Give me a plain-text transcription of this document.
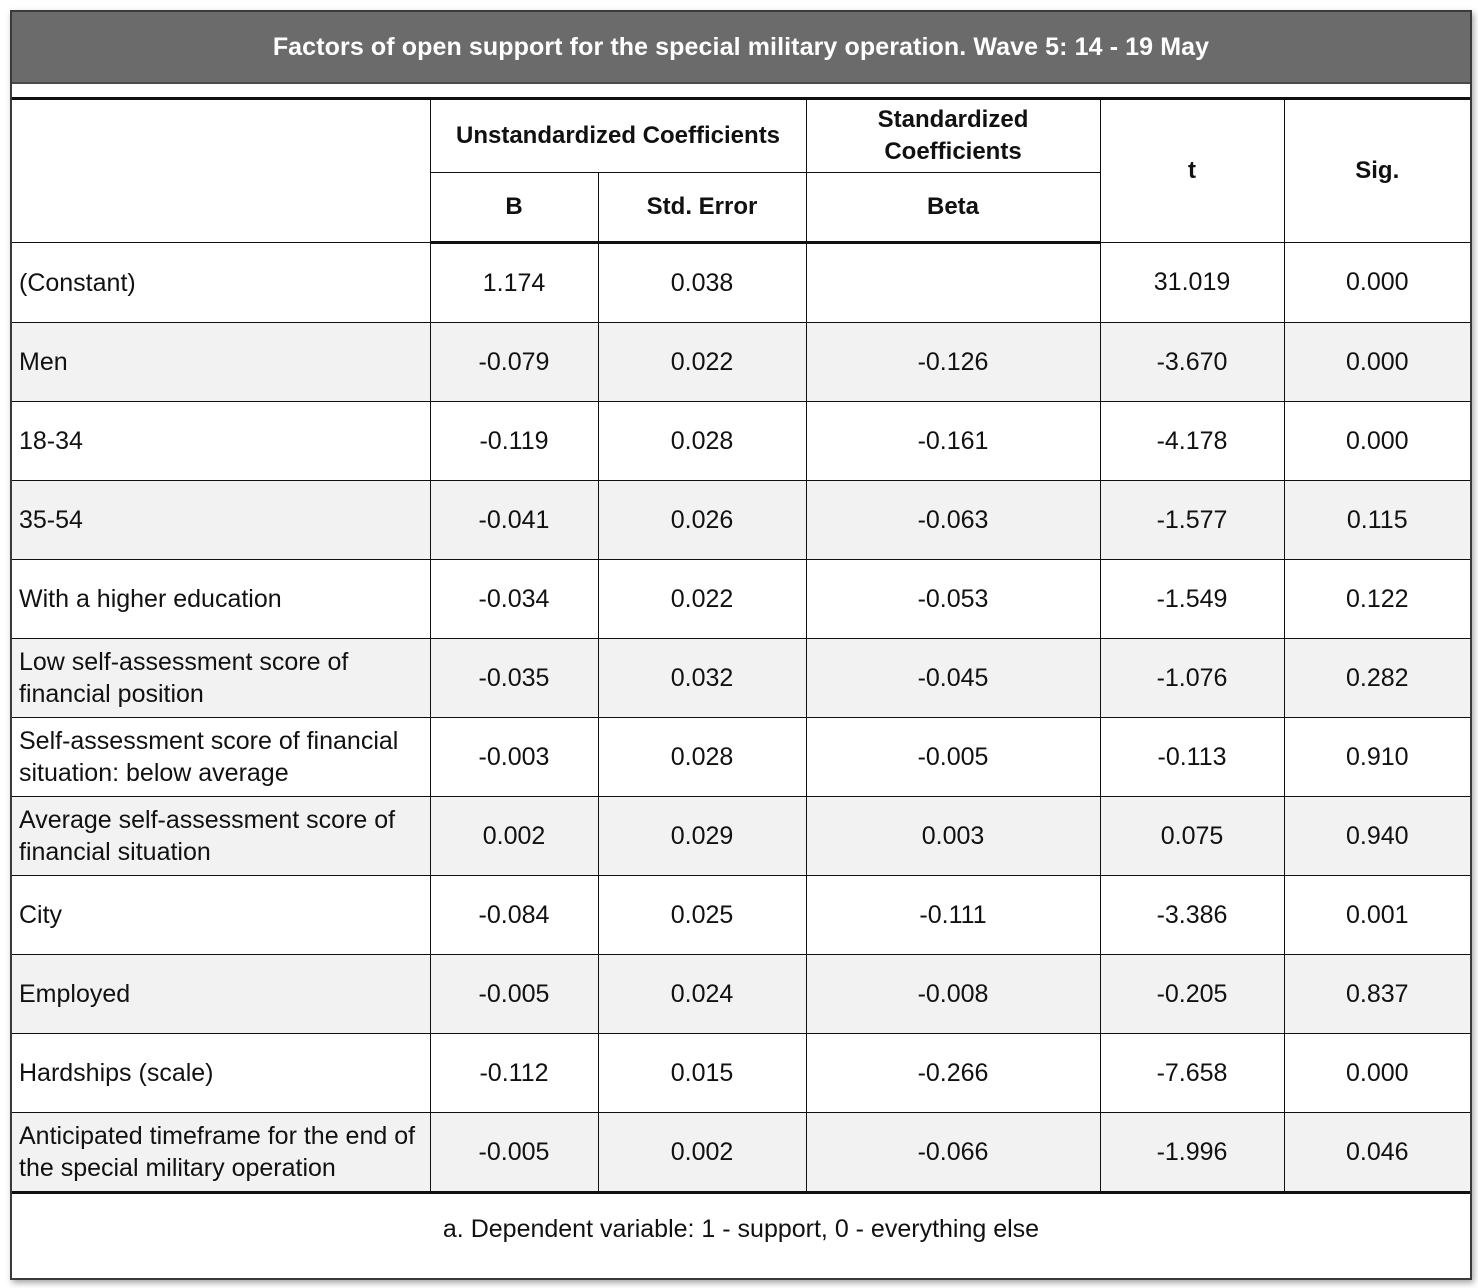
Factors of open support for the special military operation. Wave 5: 14 - 19 May
	Unstandardized Coefficients		Standardized Coefficients	t	Sig.
	B	Std. Error	Beta		
(Constant)	1.174	0.038		31.019	0.000
Men	-0.079	0.022	-0.126	-3.670	0.000
18-34	-0.119	0.028	-0.161	-4.178	0.000
35-54	-0.041	0.026	-0.063	-1.577	0.115
With a higher education	-0.034	0.022	-0.053	-1.549	0.122
Low self-assessment score of financial position	-0.035	0.032	-0.045	-1.076	0.282
Self-assessment score of financial situation: below average	-0.003	0.028	-0.005	-0.113	0.910
Average self-assessment score of financial situation	0.002	0.029	0.003	0.075	0.940
City	-0.084	0.025	-0.111	-3.386	0.001
Employed	-0.005	0.024	-0.008	-0.205	0.837
Hardships (scale)	-0.112	0.015	-0.266	-7.658	0.000
Anticipated timeframe for the end of the special military operation	-0.005	0.002	-0.066	-1.996	0.046
a. Dependent variable: 1 - support, 0 - everything else					
